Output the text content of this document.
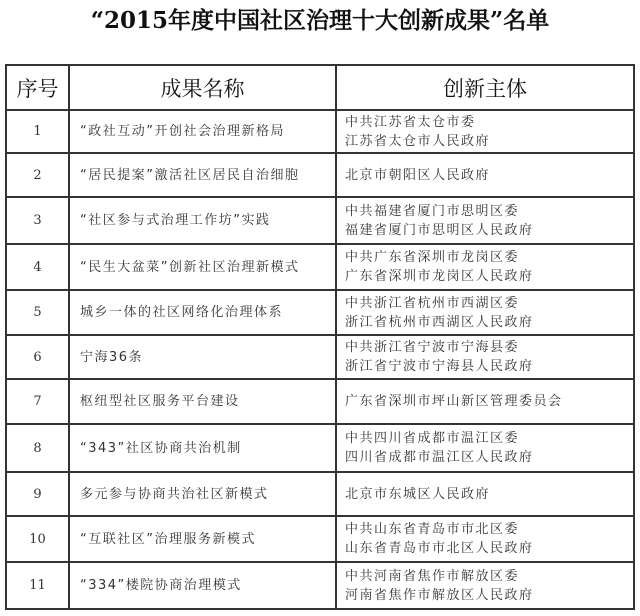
“2015年度中国社区治理十大创新成果”名单
序号	成果名称	创新主体
1	“政社互动”开创社会治理新格局	中共江苏省太仓市委
江苏省太仓市人民政府

2	“居民提案”激活社区居民自治细胞	北京市朝阳区人民政府

3	“社区参与式治理工作坊”实践	中共福建省厦门市思明区委
福建省厦门市思明区人民政府

4	“民生大盆菜”创新社区治理新模式	中共广东省深圳市龙岗区委
广东省深圳市龙岗区人民政府

5	城乡一体的社区网络化治理体系	中共浙江省杭州市西湖区委
浙江省杭州市西湖区人民政府

6	宁海36条	中共浙江省宁波市宁海县委
浙江省宁波市宁海县人民政府

7	枢纽型社区服务平台建设	广东省深圳市坪山新区管理委员会

8	“343”社区协商共治机制	中共四川省成都市温江区委
四川省成都市温江区人民政府

9	多元参与协商共治社区新模式	北京市东城区人民政府

10	“互联社区”治理服务新模式	中共山东省青岛市市北区委
山东省青岛市市北区人民政府

11	“334”楼院协商治理模式	中共河南省焦作市解放区委
河南省焦作市解放区人民政府
